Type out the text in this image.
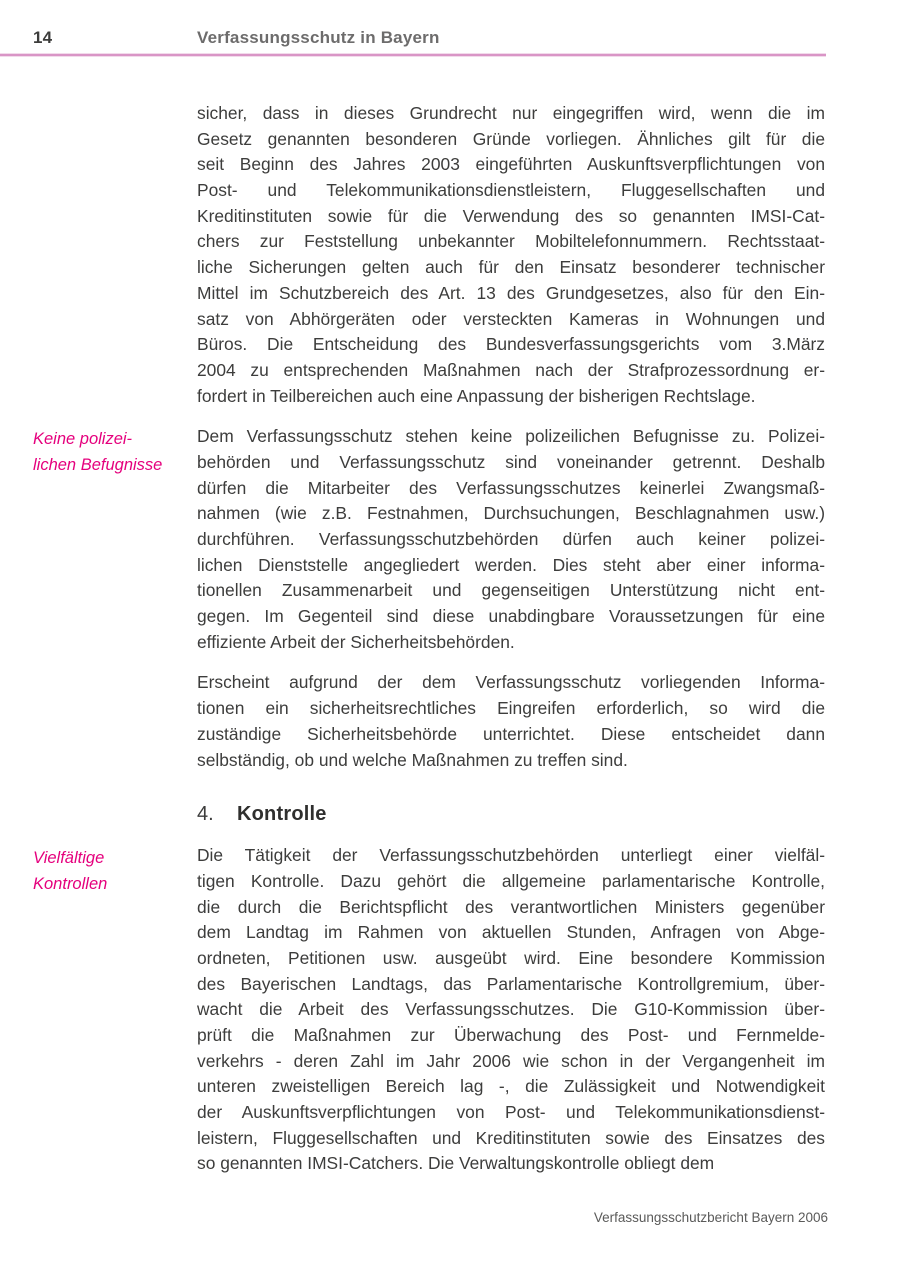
14	Verfassungsschutz in Bayern
sicher, dass in dieses Grundrecht nur eingegriffen wird, wenn die im
Gesetz genannten besonderen Gründe vorliegen. Ähnliches gilt für die
seit Beginn des Jahres 2003 eingeführten Auskunftsverpflichtungen von
Post- und Telekommunikationsdienstleistern, Fluggesellschaften und
Kreditinstituten sowie für die Verwendung des so genannten IMSI-Cat-
chers zur Feststellung unbekannter Mobiltelefonnummern. Rechtsstaat-
liche Sicherungen gelten auch für den Einsatz besonderer technischer
Mittel im Schutzbereich des Art. 13 des Grundgesetzes, also für den Ein-
satz von Abhörgeräten oder versteckten Kameras in Wohnungen und
Büros. Die Entscheidung des Bundesverfassungsgerichts vom 3.März
2004 zu entsprechenden Maßnahmen nach der Strafprozessordnung er-
fordert in Teilbereichen auch eine Anpassung der bisherigen Rechtslage.
Keine polizei-
lichen Befugnisse
Dem Verfassungsschutz stehen keine polizeilichen Befugnisse zu. Polizei-
behörden und Verfassungsschutz sind voneinander getrennt. Deshalb
dürfen die Mitarbeiter des Verfassungsschutzes keinerlei Zwangsmaß-
nahmen (wie z.B. Festnahmen, Durchsuchungen, Beschlagnahmen usw.)
durchführen. Verfassungsschutzbehörden dürfen auch keiner polizei-
lichen Dienststelle angegliedert werden. Dies steht aber einer informa-
tionellen Zusammenarbeit und gegenseitigen Unterstützung nicht ent-
gegen. Im Gegenteil sind diese unabdingbare Voraussetzungen für eine
effiziente Arbeit der Sicherheitsbehörden.
Erscheint aufgrund der dem Verfassungsschutz vorliegenden Informa-
tionen ein sicherheitsrechtliches Eingreifen erforderlich, so wird die
zuständige Sicherheitsbehörde unterrichtet. Diese entscheidet dann
selbständig, ob und welche Maßnahmen zu treffen sind.
4. Kontrolle
Vielfältige
Kontrollen
Die Tätigkeit der Verfassungsschutzbehörden unterliegt einer vielfäl-
tigen Kontrolle. Dazu gehört die allgemeine parlamentarische Kontrolle,
die durch die Berichtspflicht des verantwortlichen Ministers gegenüber
dem Landtag im Rahmen von aktuellen Stunden, Anfragen von Abge-
ordneten, Petitionen usw. ausgeübt wird. Eine besondere Kommission
des Bayerischen Landtags, das Parlamentarische Kontrollgremium, über-
wacht die Arbeit des Verfassungsschutzes. Die G10-Kommission über-
prüft die Maßnahmen zur Überwachung des Post- und Fernmelde-
verkehrs - deren Zahl im Jahr 2006 wie schon in der Vergangenheit im
unteren zweistelligen Bereich lag -, die Zulässigkeit und Notwendigkeit
der Auskunftsverpflichtungen von Post- und Telekommunikationsdienst-
leistern, Fluggesellschaften und Kreditinstituten sowie des Einsatzes des
so genannten IMSI-Catchers. Die Verwaltungskontrolle obliegt dem
Verfassungsschutzbericht Bayern 2006
